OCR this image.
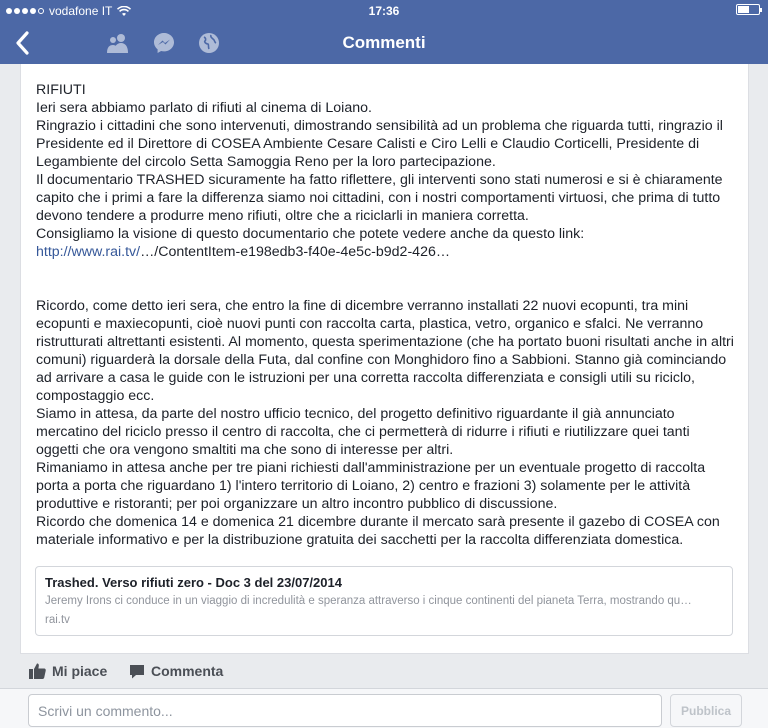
vodafone IT	17:36
Commenti

RIFIUTI
Ieri sera abbiamo parlato di rifiuti al cinema di Loiano.
Ringrazio i cittadini che sono intervenuti, dimostrando sensibilità ad un problema che riguarda tutti, ringrazio il Presidente ed il Direttore di COSEA Ambiente Cesare Calisti e Ciro Lelli e Claudio Corticelli, Presidente di Legambiente del circolo Setta Samoggia Reno per la loro partecipazione.
Il documentario TRASHED sicuramente ha fatto riflettere, gli interventi sono stati numerosi e si è chiaramente capito che i primi a fare la differenza siamo noi cittadini, con i nostri comportamenti virtuosi, che prima di tutto devono tendere a produrre meno rifiuti, oltre che a riciclarli in maniera corretta.
Consigliamo la visione di questo documentario che potete vedere anche da questo link:

http://www.rai.tv/…/ContentItem-e198edb3-f40e-4e5c-b9d2-426…

Ricordo, come detto ieri sera, che entro la fine di dicembre verranno installati 22 nuovi ecopunti, tra mini ecopunti e maxiecopunti, cioè nuovi punti con raccolta carta, plastica, vetro, organico e sfalci. Ne verranno ristrutturati altrettanti esistenti. Al momento, questa sperimentazione (che ha portato buoni risultati anche in altri comuni) riguarderà la dorsale della Futa, dal confine con Monghidoro fino a Sabbioni. Stanno già cominciando ad arrivare a casa le guide con le istruzioni per una corretta raccolta differenziata e consigli utili su riciclo, compostaggio ecc.
Siamo in attesa, da parte del nostro ufficio tecnico, del progetto definitivo riguardante il già annunciato mercatino del riciclo presso il centro di raccolta, che ci permetterà di ridurre i rifiuti e riutilizzare quei tanti oggetti che ora vengono smaltiti ma che sono di interesse per altri.
Rimaniamo in attesa anche per tre piani richiesti dall'amministrazione per un eventuale progetto di raccolta porta a porta che riguardano 1) l'intero territorio di Loiano, 2) centro e frazioni 3) solamente per le attività produttive e ristoranti; per poi organizzare un altro incontro pubblico di discussione.
Ricordo che domenica 14 e domenica 21 dicembre durante il mercato sarà presente il gazebo di COSEA con materiale informativo e per la distribuzione gratuita dei sacchetti per la raccolta differenziata domestica.

Trashed. Verso rifiuti zero - Doc 3 del 23/07/2014
Jeremy Irons ci conduce in un viaggio di incredulità e speranza attraverso i cinque continenti del pianeta Terra, mostrando qu…
rai.tv
Mi piace	Commenta
Scrivi un commento...
Pubblica
